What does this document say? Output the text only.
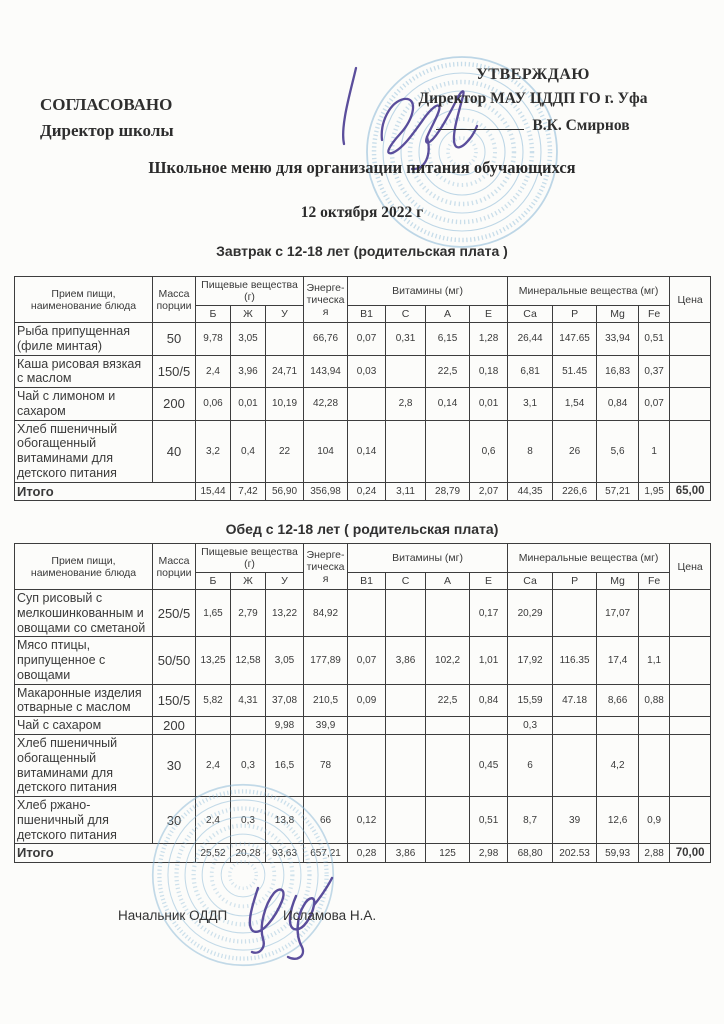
СОГЛАСОВАНО
Директор школы
УТВЕРЖДАЮ
Директор МАУ ЦДДП ГО г. Уфа
В.К. Смирнов
Школьное меню для организации питания обучающихся
12 октября 2022 г
Завтрак с 12-18 лет (родительская плата )
Прием пищи, наименование блюда	Масса порции	Пищевые вещества (г)			Энерге- тическа я	Витамины (мг)				Минеральные вещества (мг)				Цена
		Б	Ж	У		B1	C	А	Е	Са	Р	Mg	Fe	
Рыба припущенная (филе минтая)	50	9,78	3,05		66,76	0,07	0,31	6,15	1,28	26,44	147.65	33,94	0,51	
Каша рисовая вязкая с маслом	150/5	2,4	3,96	24,71	143,94	0,03		22,5	0,18	6,81	51.45	16,83	0,37	
Чай с лимоном и сахаром	200	0,06	0,01	10,19	42,28		2,8	0,14	0,01	3,1	1,54	0,84	0,07	
Хлеб пшеничный обогащенный витаминами для детского питания	40	3,2	0,4	22	104	0,14			0,6	8	26	5,6	1	
Итого		15,44	7,42	56,90	356,98	0,24	3,11	28,79	2,07	44,35	226,6	57,21	1,95	65,00
Обед с 12-18 лет ( родительская плата)
Прием пищи, наименование блюда	Масса порции	Пищевые вещества (г)			Энерге- тическа я	Витамины (мг)				Минеральные вещества (мг)				Цена
		Б	Ж	У		B1	C	А	Е	Са	Р	Mg	Fe	
Суп рисовый с мелкошинкованным и овощами со сметаной	250/5	1,65	2,79	13,22	84,92				0,17	20,29		17,07		
Мясо птицы, припущенное с овощами	50/50	13,25	12,58	3,05	177,89	0,07	3,86	102,2	1,01	17,92	116.35	17,4	1,1	
Макаронные изделия отварные с маслом	150/5	5,82	4,31	37,08	210,5	0,09		22,5	0,84	15,59	47.18	8,66	0,88	
Чай с сахаром	200			9,98	39,9					0,3				
Хлеб пшеничный обогащенный витаминами для детского питания	30	2,4	0,3	16,5	78				0,45	6		4,2		
Хлеб ржано- пшеничный для детского питания	30	2,4	0,3	13,8	66	0,12			0,51	8,7	39	12,6	0,9	
Итого		25,52	20,28	93,63	657,21	0,28	3,86	125	2,98	68,80	202.53	59,93	2,88	70,00
Начальник ОДДП	Исламова Н.А.
